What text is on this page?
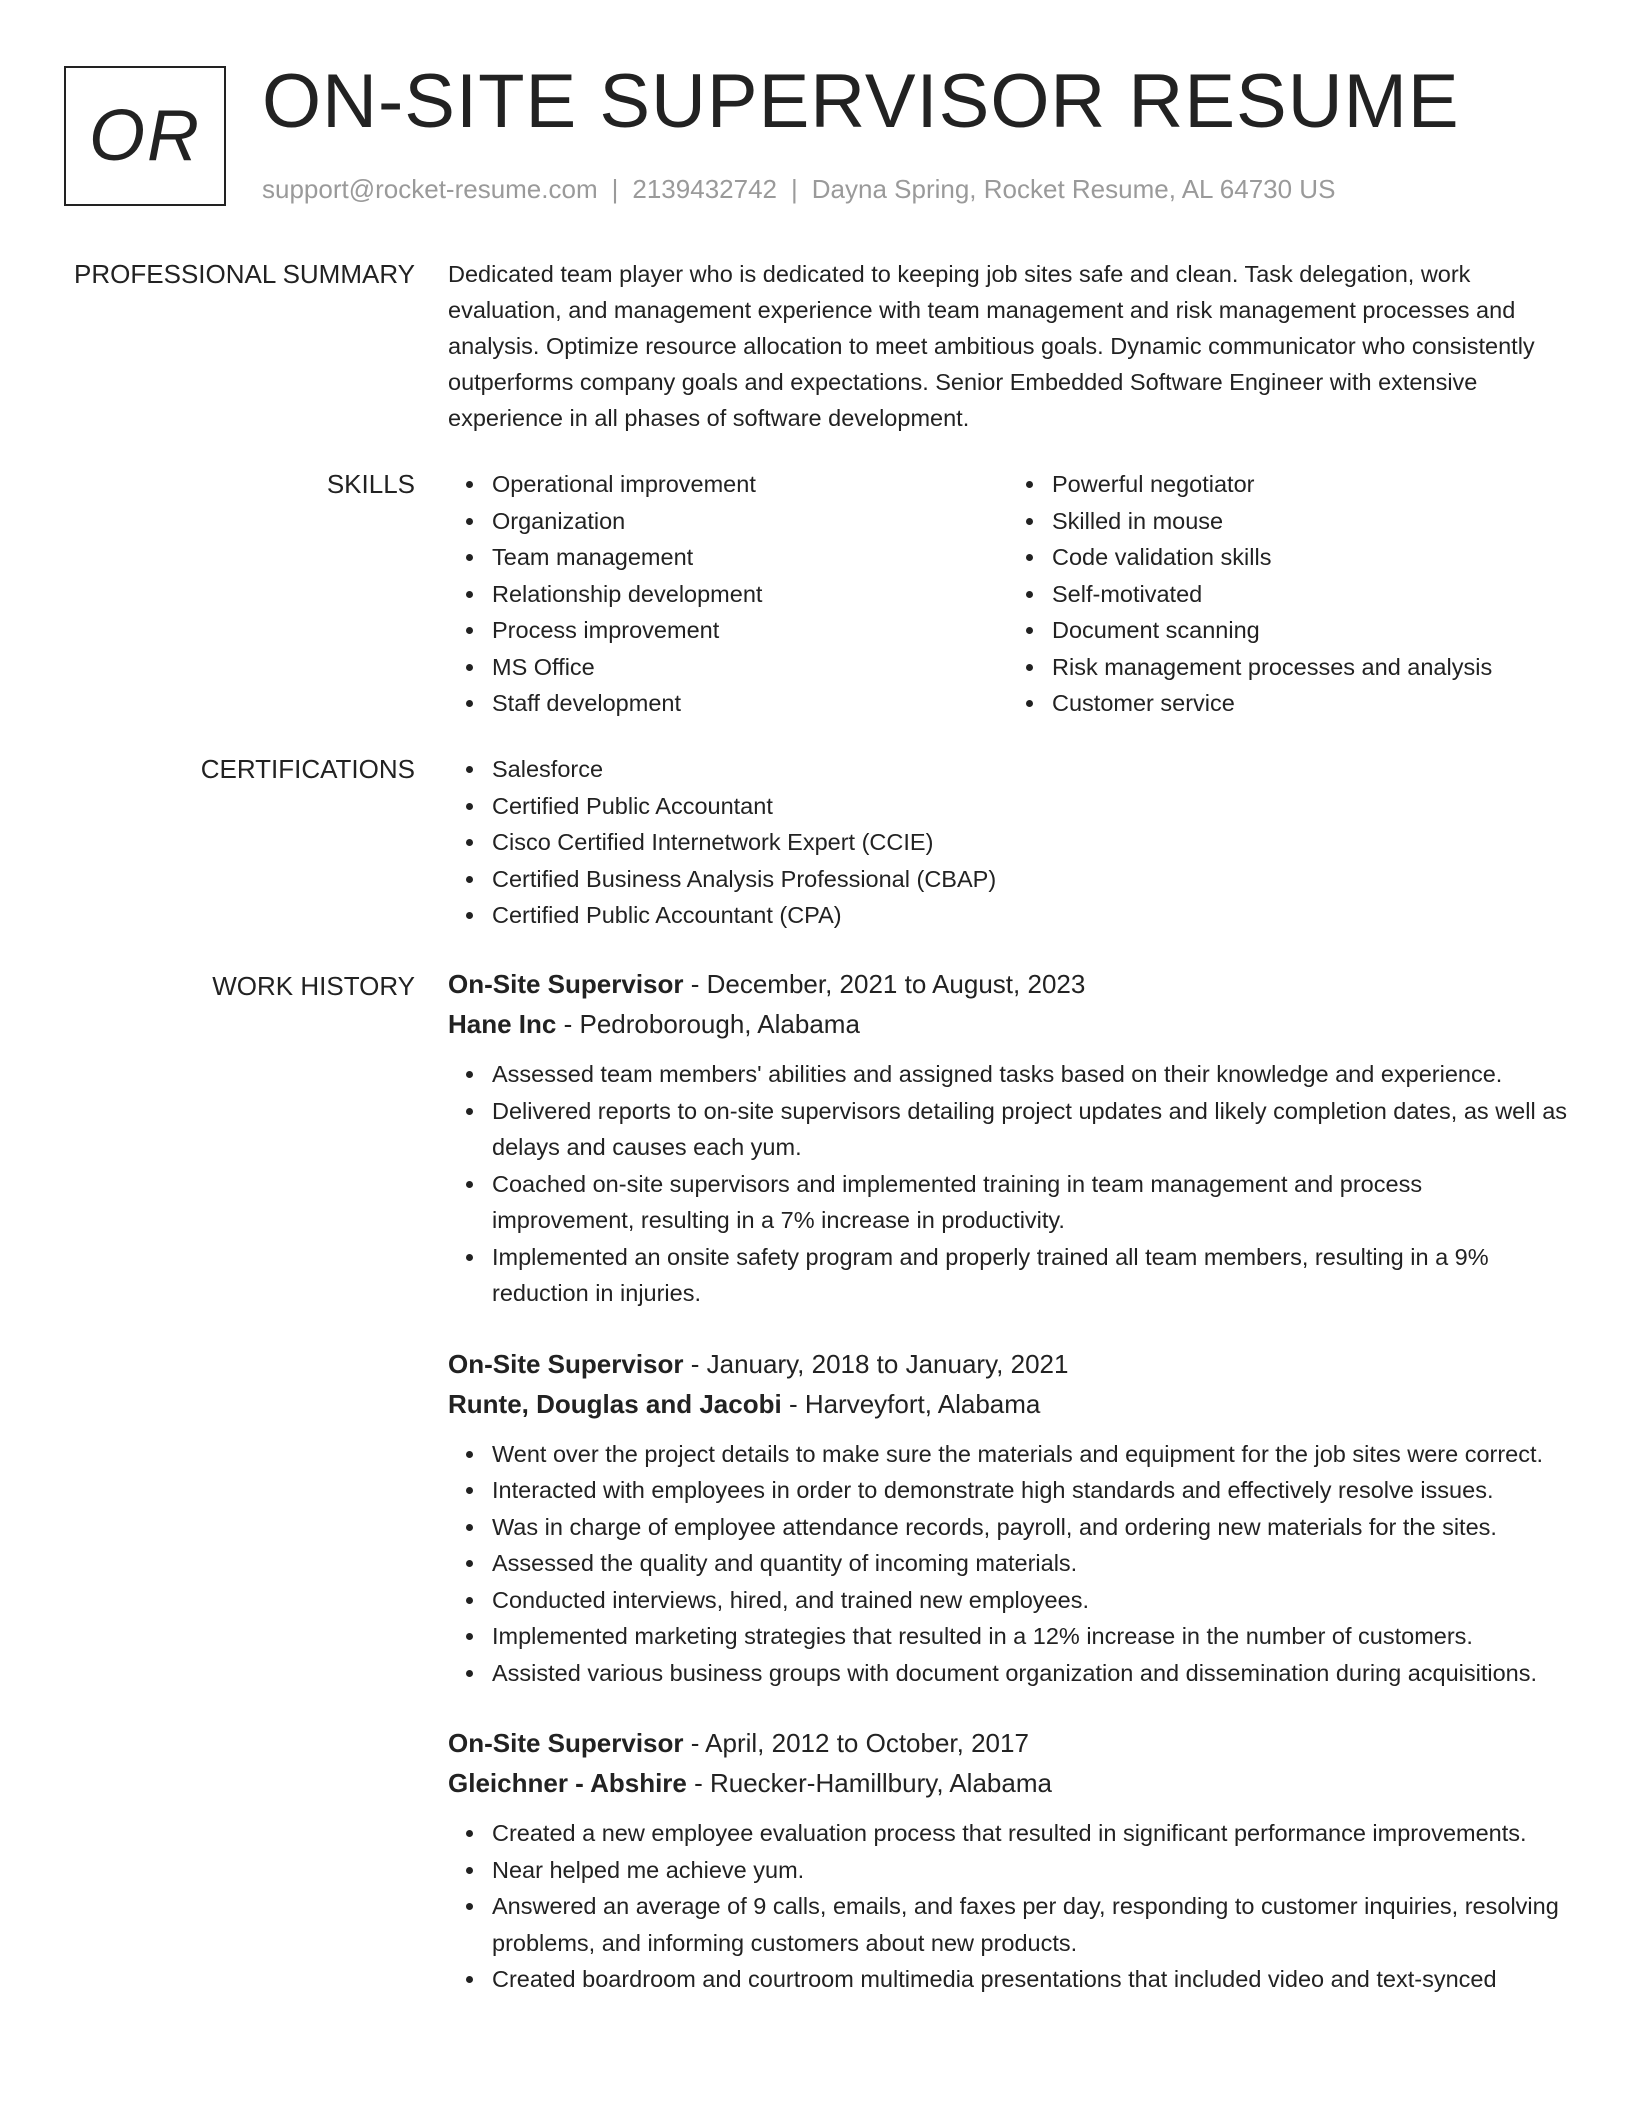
OR ON-SITE SUPERVISOR RESUME
support@rocket-resume.com | 2139432742 | Dayna Spring, Rocket Resume, AL 64730 US
PROFESSIONAL SUMMARY Dedicated team player who is dedicated to keeping job sites safe and clean. Task delegation, work evaluation, and management experience with team management and risk management processes and analysis. Optimize resource allocation to meet ambitious goals. Dynamic communicator who consistently outperforms company goals and expectations. Senior Embedded Software Engineer with extensive experience in all phases of software development.
SKILLS	Operational improvement
Organization
Team management
Relationship development
Process improvement
MS Office
Staff development
Powerful negotiator
Skilled in mouse
Code validation skills
Self-motivated
Document scanning
Risk management processes and analysis
Customer service
CERTIFICATIONS	Salesforce
Certified Public Accountant
Cisco Certified Internetwork Expert (CCIE)
Certified Business Analysis Professional (CBAP)
Certified Public Accountant (CPA)
WORK HISTORY On-Site Supervisor - December, 2021 to August, 2023
Hane Inc - Pedroborough, Alabama
Assessed team members' abilities and assigned tasks based on their knowledge and experience.
Delivered reports to on-site supervisors detailing project updates and likely completion dates, as well as delays and causes each yum.
Coached on-site supervisors and implemented training in team management and process improvement, resulting in a 7% increase in productivity.
Implemented an onsite safety program and properly trained all team members, resulting in a 9% reduction in injuries.
On-Site Supervisor - January, 2018 to January, 2021
Runte, Douglas and Jacobi - Harveyfort, Alabama
Went over the project details to make sure the materials and equipment for the job sites were correct.
Interacted with employees in order to demonstrate high standards and effectively resolve issues.
Was in charge of employee attendance records, payroll, and ordering new materials for the sites.
Assessed the quality and quantity of incoming materials.
Conducted interviews, hired, and trained new employees.
Implemented marketing strategies that resulted in a 12% increase in the number of customers.
Assisted various business groups with document organization and dissemination during acquisitions.
On-Site Supervisor - April, 2012 to October, 2017
Gleichner - Abshire - Ruecker-Hamillbury, Alabama
Created a new employee evaluation process that resulted in significant performance improvements.
Near helped me achieve yum.
Answered an average of 9 calls, emails, and faxes per day, responding to customer inquiries, resolving problems, and informing customers about new products.
Created boardroom and courtroom multimedia presentations that included video and text-synced
